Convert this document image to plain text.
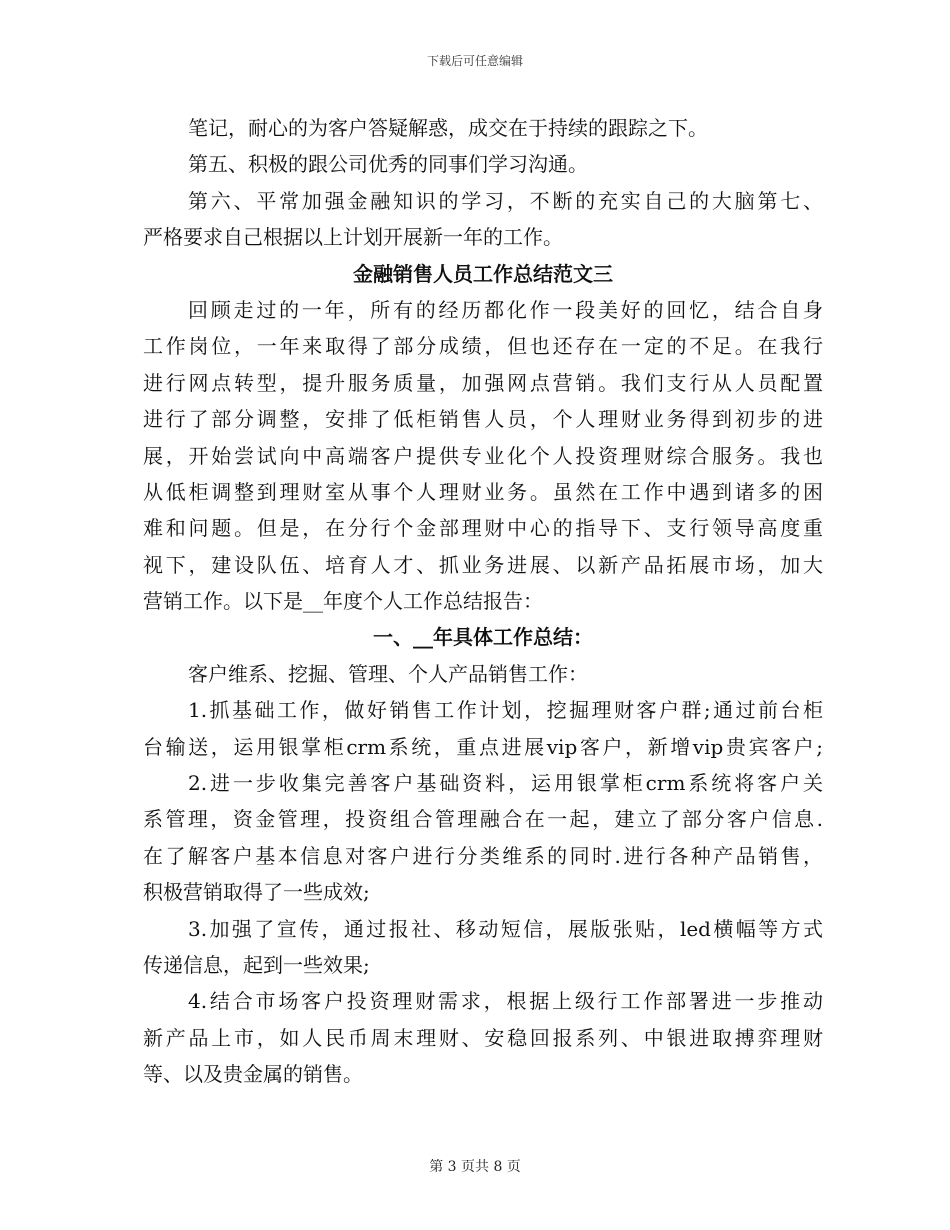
下载后可任意编辑
笔记，耐心的为客户答疑解惑，成交在于持续的跟踪之下。
第五、积极的跟公司优秀的同事们学习沟通。
第六、平常加强金融知识的学习，不断的充实自己的大脑第七、
严格要求自己根据以上计划开展新一年的工作。
金融销售人员工作总结范文三
回顾走过的一年，所有的经历都化作一段美好的回忆，结合自身
工作岗位，一年来取得了部分成绩，但也还存在一定的不足。在我行
进行网点转型，提升服务质量，加强网点营销。我们支行从人员配置
进行了部分调整，安排了低柜销售人员，个人理财业务得到初步的进
展，开始尝试向中高端客户提供专业化个人投资理财综合服务。我也
从低柜调整到理财室从事个人理财业务。虽然在工作中遇到诸多的困
难和问题。但是，在分行个金部理财中心的指导下、支行领导高度重
视下，建设队伍、培育人才、抓业务进展、以新产品拓展市场，加大
营销工作。以下是__年度个人工作总结报告：
一、__年具体工作总结：
客户维系、挖掘、管理、个人产品销售工作：
1.抓基础工作，做好销售工作计划，挖掘理财客户群;通过前台柜
台输送，运用银掌柜crm系统，重点进展vip客户，新增vip贵宾客户;
2.进一步收集完善客户基础资料，运用银掌柜crm系统将客户关
系管理，资金管理，投资组合管理融合在一起，建立了部分客户信息.
在了解客户基本信息对客户进行分类维系的同时.进行各种产品销售，
积极营销取得了一些成效;
3.加强了宣传，通过报社、移动短信，展版张贴，led横幅等方式
传递信息，起到一些效果;
4.结合市场客户投资理财需求，根据上级行工作部署进一步推动
新产品上市，如人民币周末理财、安稳回报系列、中银进取搏弈理财
等、以及贵金属的销售。
第 3 页共 8 页
